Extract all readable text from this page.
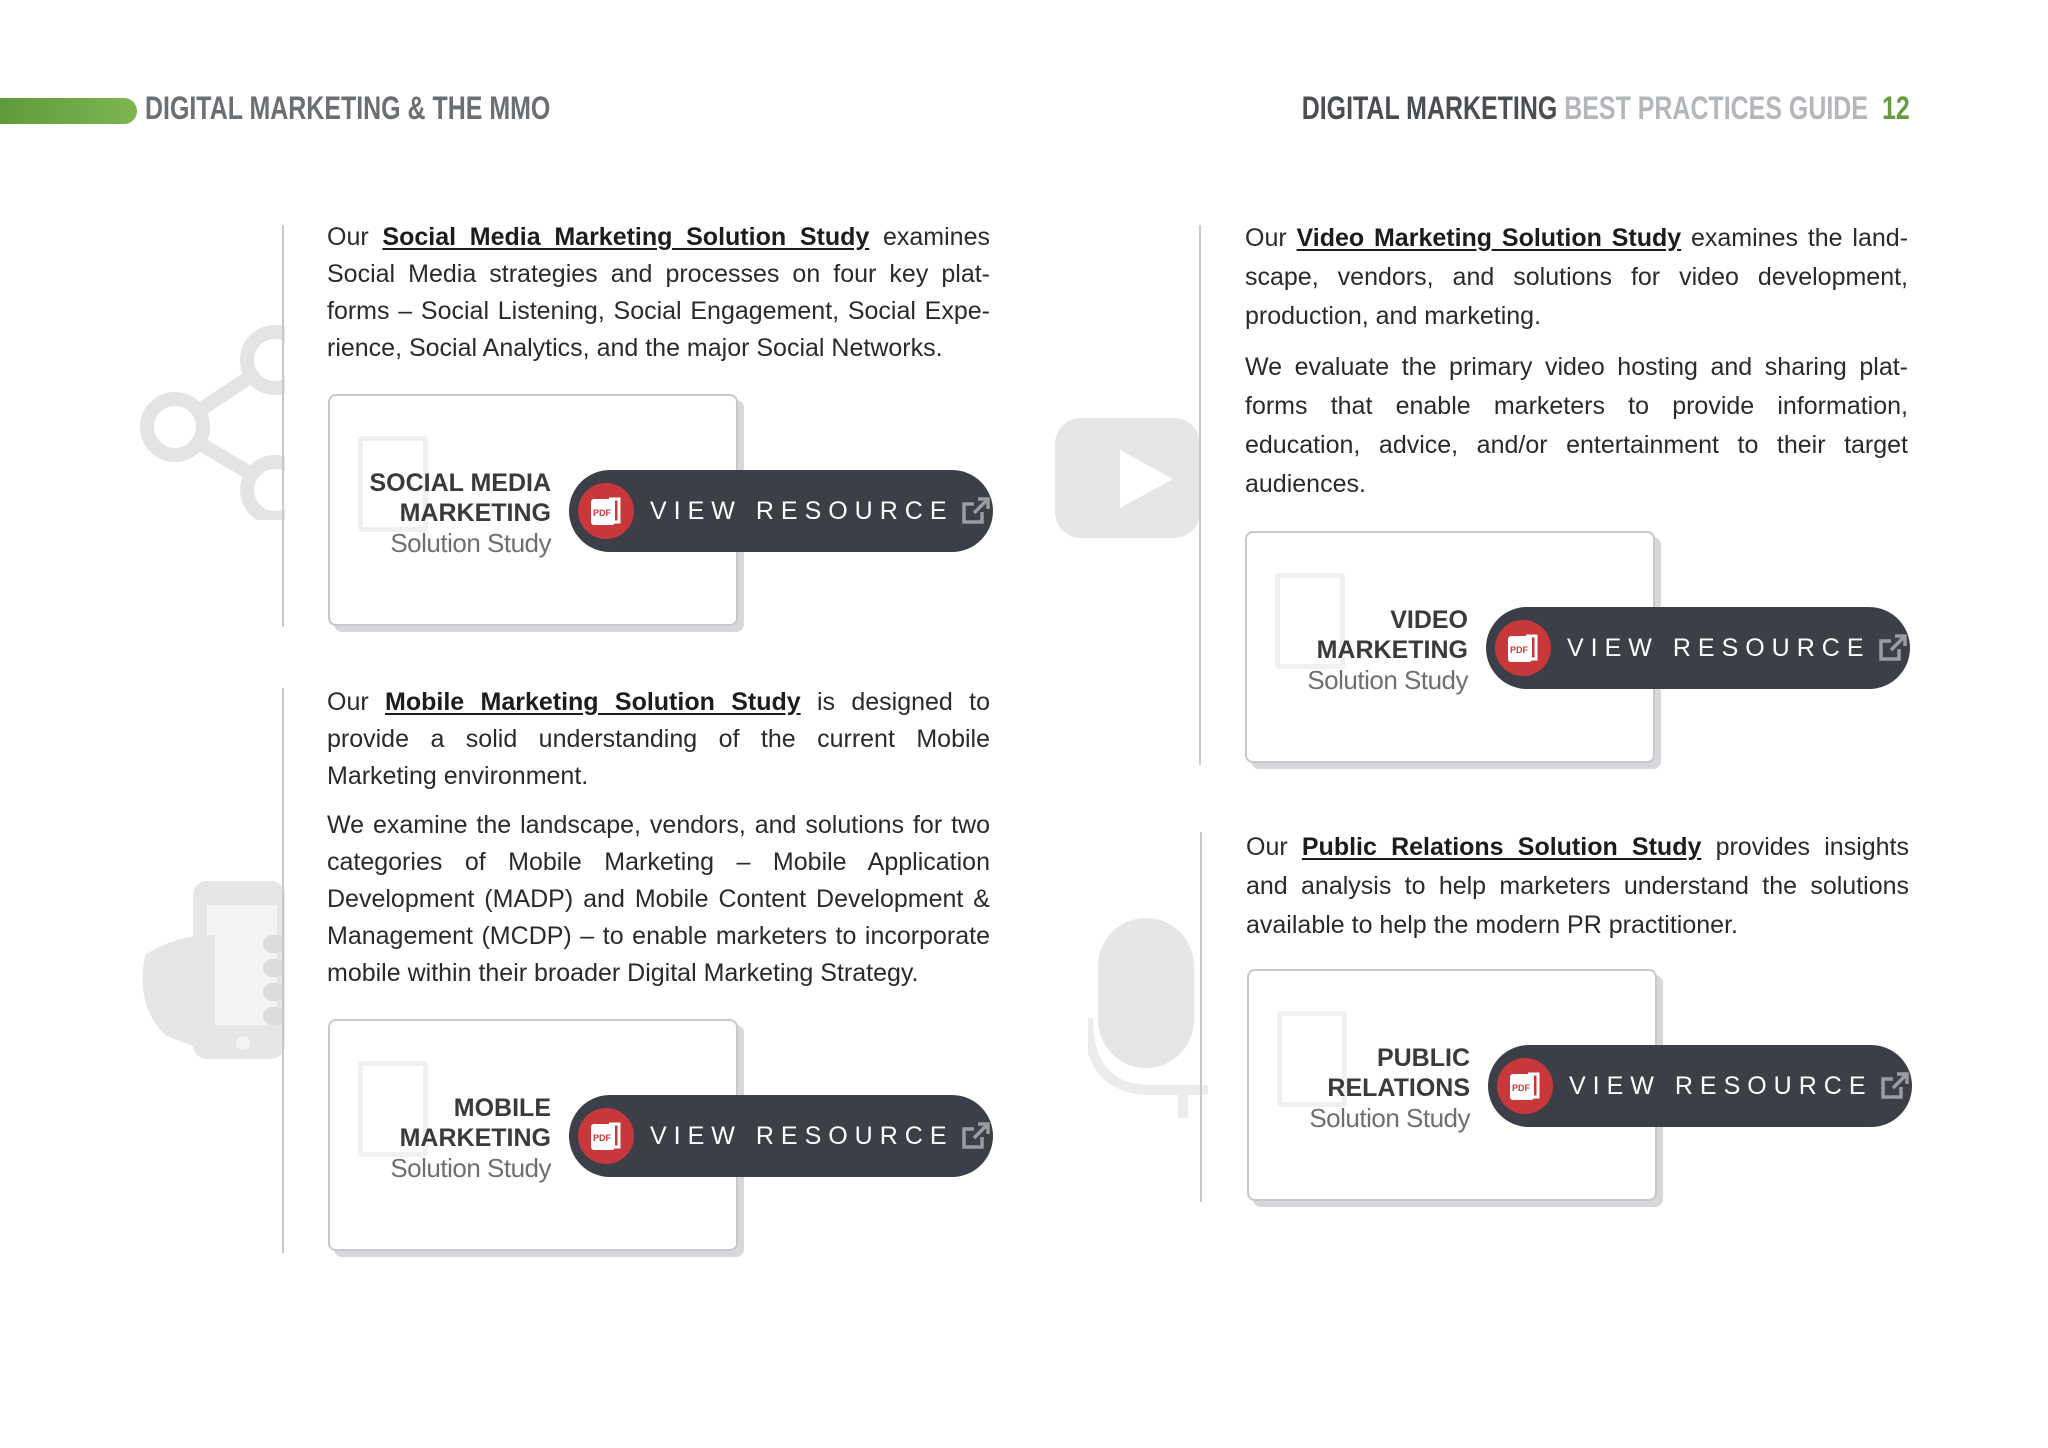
DIGITAL MARKETING & THE MMO	DIGITAL MARKETING BEST PRACTICES GUIDE 12

Our Social Media Marketing Solution Study examines Social Media strategies and processes on four key platforms – Social Listening, Social Engagement, Social Experience, Social Analytics, and the major Social Networks.

SOCIAL MEDIA
MARKETING
Solution Study
PDF VIEW RESOURCE

Our Mobile Marketing Solution Study is designed to provide a solid understanding of the current Mobile Marketing environment.

We examine the landscape, vendors, and solutions for two categories of Mobile Marketing – Mobile Application Development (MADP) and Mobile Content Development & Management (MCDP) – to enable marketers to incorporate mobile within their broader Digital Marketing Strategy.

MOBILE
MARKETING
Solution Study
PDF VIEW RESOURCE

Our Video Marketing Solution Study examines the landscape, vendors, and solutions for video development, production, and marketing.

We evaluate the primary video hosting and sharing platforms that enable marketers to provide information, education, advice, and/or entertainment to their target audiences.

VIDEO
MARKETING
Solution Study
PDF VIEW RESOURCE

Our Public Relations Solution Study provides insights and analysis to help marketers understand the solutions available to help the modern PR practitioner.

PUBLIC
RELATIONS
Solution Study
PDF VIEW RESOURCE
